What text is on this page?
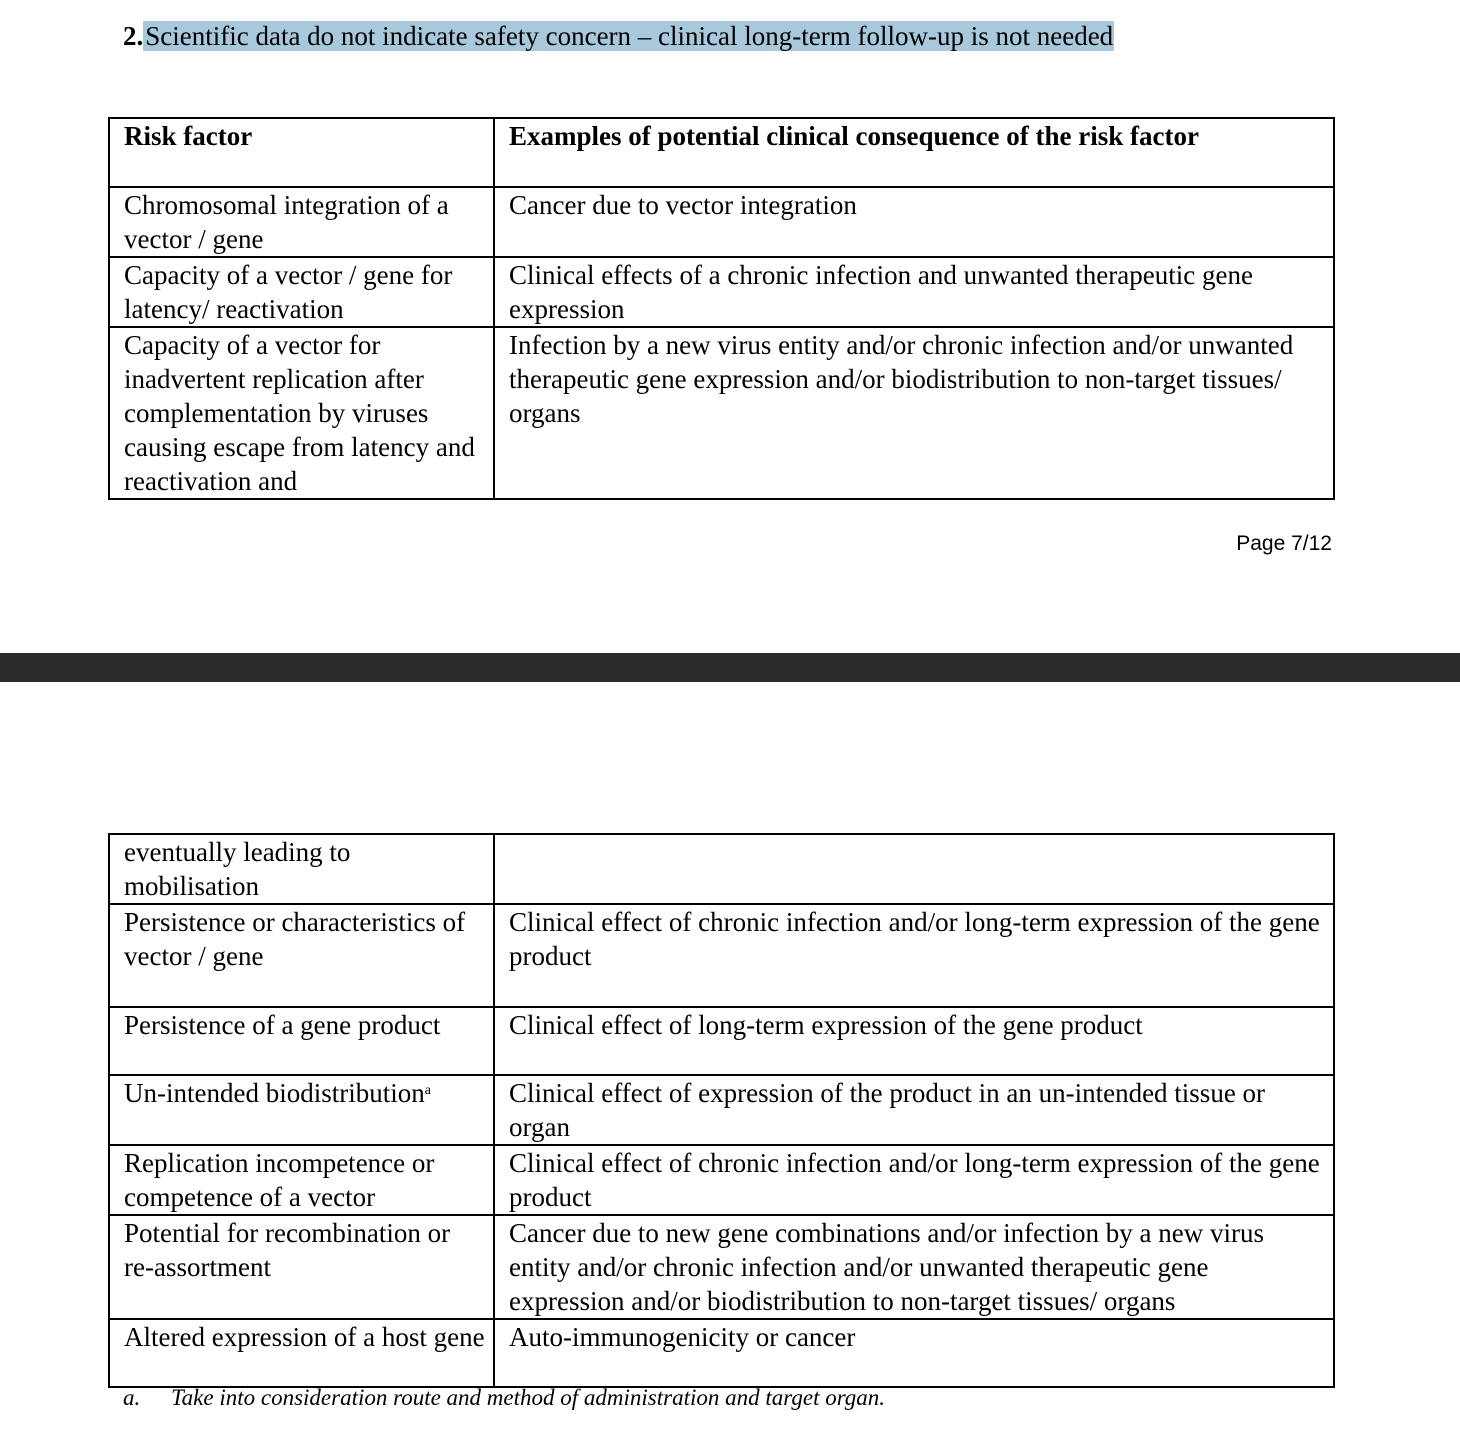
2.Scientific data do not indicate safety concern – clinical long-term follow-up is not needed
Risk factor	Examples of potential clinical consequence of the risk factor
Chromosomal integration of a vector / gene	Cancer due to vector integration
Capacity of a vector / gene for latency/ reactivation	Clinical effects of a chronic infection and unwanted therapeutic gene expression
Capacity of a vector for inadvertent replication after complementation by viruses causing escape from latency and reactivation and	Infection by a new virus entity and/or chronic infection and/or unwanted therapeutic gene expression and/or biodistribution to non-target tissues/ organs
Page 7/12
eventually leading to mobilisation	
Persistence or characteristics of vector / gene	Clinical effect of chronic infection and/or long-term expression of the gene product
Persistence of a gene product	Clinical effect of long-term expression of the gene product
Un-intended biodistribution$^a$	Clinical effect of expression of the product in an un-intended tissue or organ
Replication incompetence or competence of a vector	Clinical effect of chronic infection and/or long-term expression of the gene product
Potential for recombination or re-assortment	Cancer due to new gene combinations and/or infection by a new virus entity and/or chronic infection and/or unwanted therapeutic gene expression and/or biodistribution to non-target tissues/ organs
Altered expression of a host gene	Auto-immunogenicity or cancer
a. Take into consideration route and method of administration and target organ.
